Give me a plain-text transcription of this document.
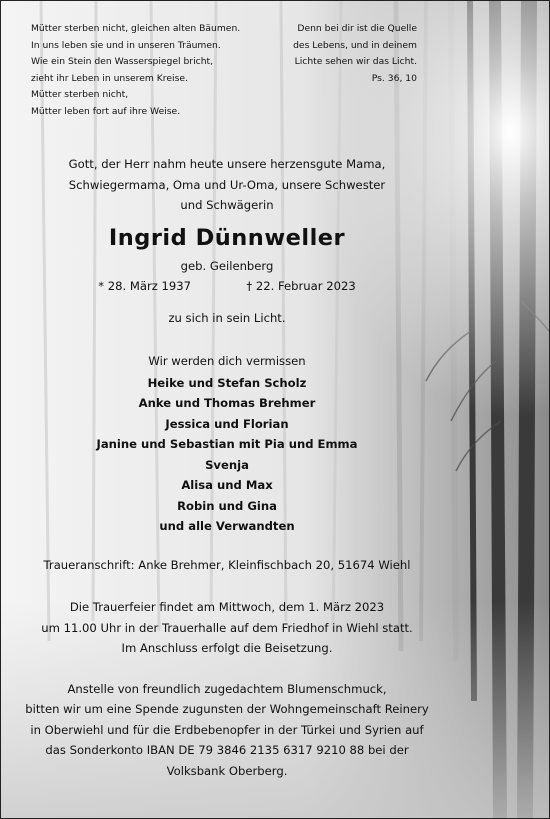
Mütter sterben nicht, gleichen alten Bäumen.
In uns leben sie und in unseren Träumen.
Wie ein Stein den Wasserspiegel bricht,
zieht ihr Leben in unserem Kreise.
Mütter sterben nicht,
Mütter leben fort auf ihre Weise.
Denn bei dir ist die Quelle
des Lebens, und in deinem
Lichte sehen wir das Licht.
Ps. 36, 10
Gott, der Herr nahm heute unsere herzensgute Mama,
Schwiegermama, Oma und Ur-Oma, unsere Schwester
und Schwägerin
Ingrid Dünnweller
geb. Geilenberg
* 28. März 1937	† 22. Februar 2023
zu sich in sein Licht.
Wir werden dich vermissen
Heike und Stefan Scholz
Anke und Thomas Brehmer
Jessica und Florian
Janine und Sebastian mit Pia und Emma
Svenja
Alisa und Max
Robin und Gina
und alle Verwandten
Traueranschrift: Anke Brehmer, Kleinfischbach 20, 51674 Wiehl
Die Trauerfeier findet am Mittwoch, dem 1. März 2023
um 11.00 Uhr in der Trauerhalle auf dem Friedhof in Wiehl statt.
Im Anschluss erfolgt die Beisetzung.
Anstelle von freundlich zugedachtem Blumenschmuck,
bitten wir um eine Spende zugunsten der Wohngemeinschaft Reinery
in Oberwiehl und für die Erdbebenopfer in der Türkei und Syrien auf
das Sonderkonto IBAN DE 79 3846 2135 6317 9210 88 bei der
Volksbank Oberberg.
